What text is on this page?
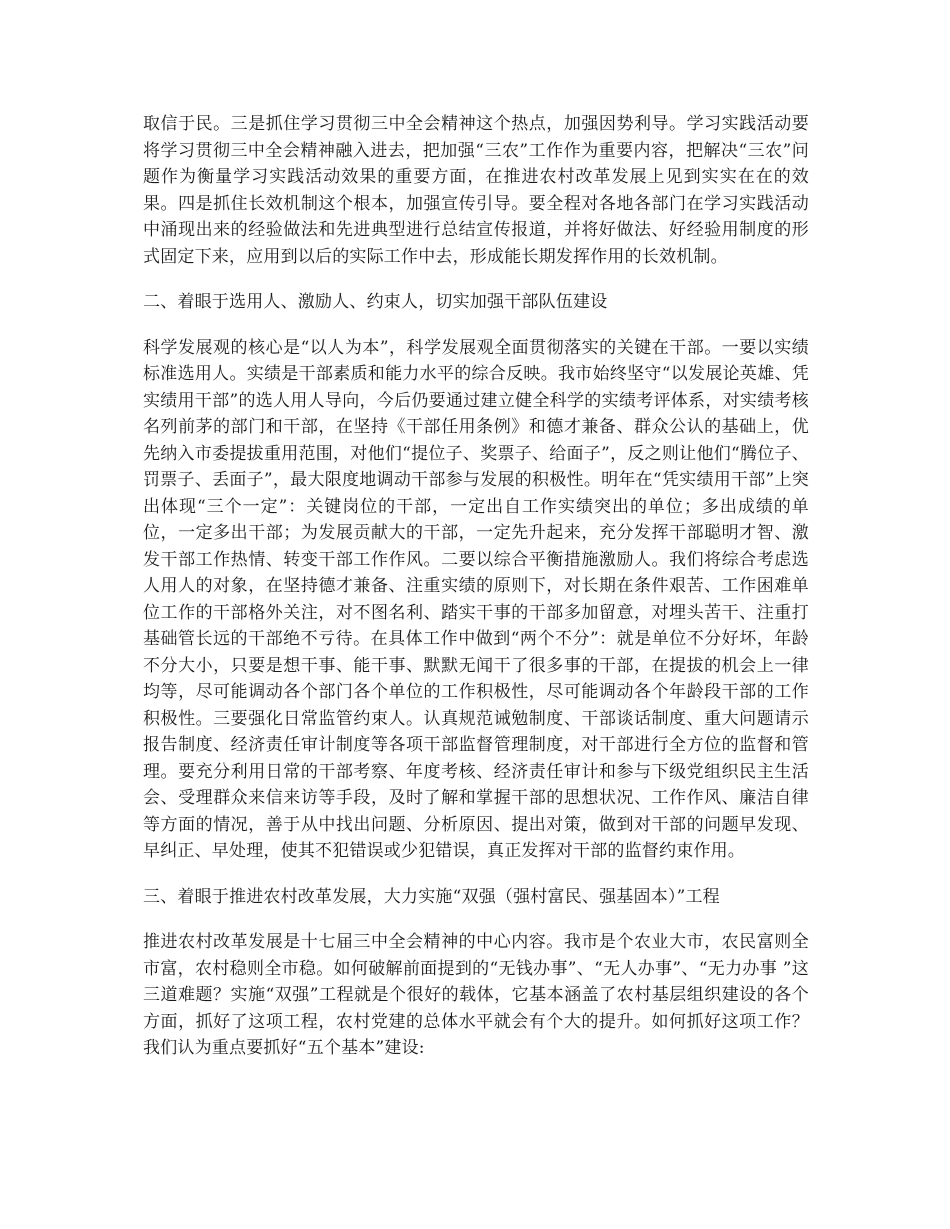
取信于民。三是抓住学习贯彻三中全会精神这个热点，加强因势利导。学习实践活动要将学习贯彻三中全会精神融入进去，把加强“三农”工作作为重要内容，把解决“三农”问题作为衡量学习实践活动效果的重要方面，在推进农村改革发展上见到实实在在的效果。四是抓住长效机制这个根本，加强宣传引导。要全程对各地各部门在学习实践活动中涌现出来的经验做法和先进典型进行总结宣传报道，并将好做法、好经验用制度的形式固定下来，应用到以后的实际工作中去，形成能长期发挥作用的长效机制。

二、着眼于选用人、激励人、约束人，切实加强干部队伍建设

科学发展观的核心是“以人为本”，科学发展观全面贯彻落实的关键在干部。一要以实绩标准选用人。实绩是干部素质和能力水平的综合反映。我市始终坚守“以发展论英雄、凭实绩用干部”的选人用人导向，今后仍要通过建立健全科学的实绩考评体系，对实绩考核名列前茅的部门和干部，在坚持《干部任用条例》和德才兼备、群众公认的基础上，优先纳入市委提拔重用范围，对他们“提位子、奖票子、给面子”，反之则让他们“腾位子、罚票子、丢面子”，最大限度地调动干部参与发展的积极性。明年在“凭实绩用干部”上突出体现“三个一定”：关键岗位的干部，一定出自工作实绩突出的单位；多出成绩的单位，一定多出干部；为发展贡献大的干部，一定先升起来，充分发挥干部聪明才智、激发干部工作热情、转变干部工作作风。二要以综合平衡措施激励人。我们将综合考虑选人用人的对象，在坚持德才兼备、注重实绩的原则下，对长期在条件艰苦、工作困难单位工作的干部格外关注，对不图名利、踏实干事的干部多加留意，对埋头苦干、注重打基础管长远的干部绝不亏待。在具体工作中做到“两个不分”：就是单位不分好坏，年龄不分大小，只要是想干事、能干事、默默无闻干了很多事的干部，在提拔的机会上一律均等，尽可能调动各个部门各个单位的工作积极性，尽可能调动各个年龄段干部的工作积极性。三要强化日常监管约束人。认真规范诫勉制度、干部谈话制度、重大问题请示报告制度、经济责任审计制度等各项干部监督管理制度，对干部进行全方位的监督和管理。要充分利用日常的干部考察、年度考核、经济责任审计和参与下级党组织民主生活会、受理群众来信来访等手段，及时了解和掌握干部的思想状况、工作作风、廉洁自律等方面的情况，善于从中找出问题、分析原因、提出对策，做到对干部的问题早发现、早纠正、早处理，使其不犯错误或少犯错误，真正发挥对干部的监督约束作用。

三、着眼于推进农村改革发展，大力实施“双强（强村富民、强基固本）”工程

推进农村改革发展是十七届三中全会精神的中心内容。我市是个农业大市，农民富则全市富，农村稳则全市稳。如何破解前面提到的“无钱办事”、“无人办事”、“无力办事 ”这三道难题？实施“双强”工程就是个很好的载体，它基本涵盖了农村基层组织建设的各个方面，抓好了这项工程，农村党建的总体水平就会有个大的提升。如何抓好这项工作？我们认为重点要抓好“五个基本”建设:
